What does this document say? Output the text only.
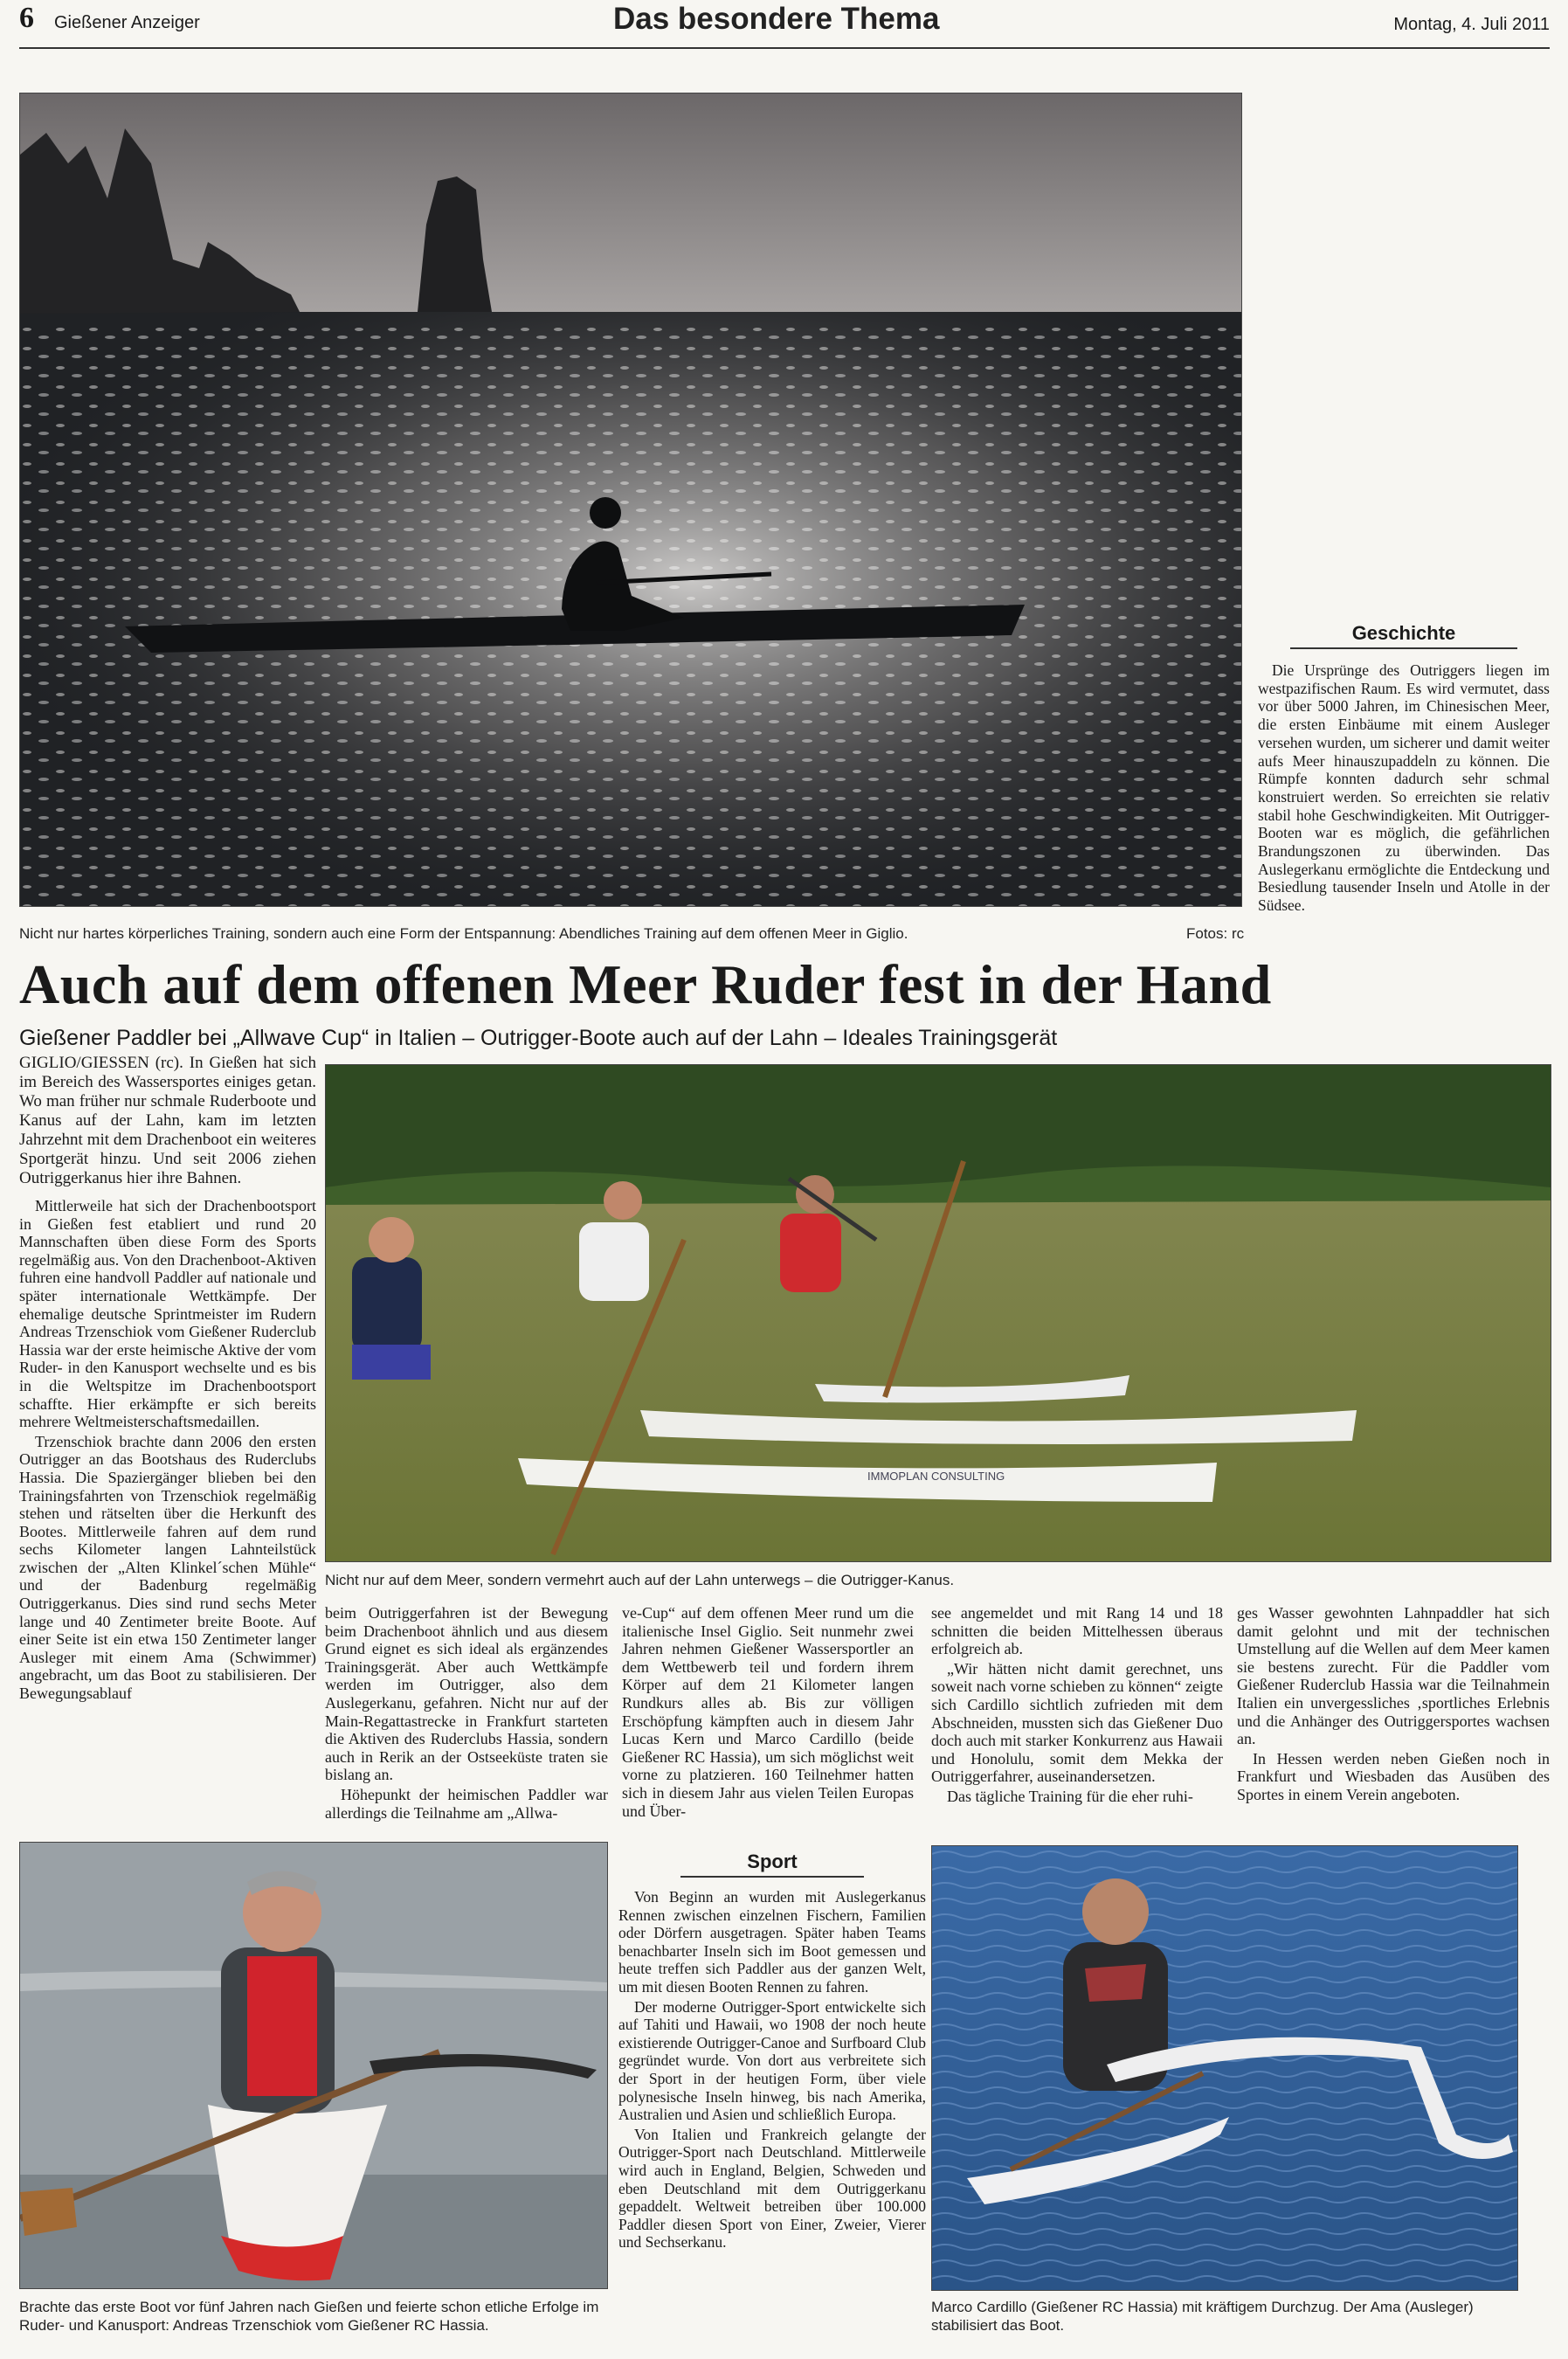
6 Gießener Anzeiger	Das besondere Thema	Montag, 4. Juli 2011
Nicht nur hartes körperliches Training, sondern auch eine Form der Entspannung: Abendliches Training auf dem offenen Meer in Giglio.	Fotos: rc
Geschichte
Die Ursprünge des Outriggers liegen im westpazifischen Raum. Es wird vermutet, dass vor über 5000 Jahren, im Chinesischen Meer, die ersten Einbäume mit einem Ausleger versehen wurden, um sicherer und damit weiter aufs Meer hinauszupaddeln zu können. Die Rümpfe konnten dadurch sehr schmal konstruiert werden. So erreichten sie relativ stabil hohe Geschwindigkeiten. Mit Outrigger-Booten war es möglich, die gefährlichen Brandungszonen zu überwinden. Das Auslegerkanu ermöglichte die Entdeckung und Besiedlung tausender Inseln und Atolle in der Südsee.
Auch auf dem offenen Meer Ruder fest in der Hand
Gießener Paddler bei „Allwave Cup“ in Italien – Outrigger-Boote auch auf der Lahn – Ideales Trainingsgerät

GIGLIO/GIESSEN (rc). In Gießen hat sich im Bereich des Wassersportes einiges getan. Wo man früher nur schmale Ruderboote und Kanus auf der Lahn, kam im letzten Jahrzehnt mit dem Drachenboot ein weiteres Sportgerät hinzu. Und seit 2006 ziehen Outriggerkanus hier ihre Bahnen.

Mittlerweile hat sich der Drachenbootsport in Gießen fest etabliert und rund 20 Mannschaften üben diese Form des Sports regelmäßig aus. Von den Drachenboot-Aktiven fuhren eine handvoll Paddler auf nationale und später internationale Wettkämpfe. Der ehemalige deutsche Sprintmeister im Rudern Andreas Trzenschiok vom Gießener Ruderclub Hassia war der erste heimische Aktive der vom Ruder- in den Kanusport wechselte und es bis in die Weltspitze im Drachenbootsport schaffte. Hier erkämpfte er sich bereits mehrere Weltmeisterschaftsmedaillen.

Trzenschiok brachte dann 2006 den ersten Outrigger an das Bootshaus des Ruderclubs Hassia. Die Spaziergänger blieben bei den Trainingsfahrten von Trzenschiok regelmäßig stehen und rätselten über die Herkunft des Bootes. Mittlerweile fahren auf dem rund sechs Kilometer langen Lahnteilstück zwischen der „Alten Klinkel´schen Mühle“ und der Badenburg regelmäßig Outriggerkanus. Dies sind rund sechs Meter lange und 40 Zentimeter breite Boote. Auf einer Seite ist ein etwa 150 Zentimeter langer Ausleger mit einem Ama (Schwimmer) angebracht, um das Boot zu stabilisieren. Der Bewegungsablauf

IMMOPLAN CONSULTING
Nicht nur auf dem Meer, sondern vermehrt auch auf der Lahn unterwegs – die Outrigger-Kanus.

beim Outriggerfahren ist der Bewegung beim Drachenboot ähnlich und aus diesem Grund eignet es sich ideal als ergänzendes Trainingsgerät. Aber auch Wettkämpfe werden im Outrigger, also dem Auslegerkanu, gefahren. Nicht nur auf der Main-Regattastrecke in Frankfurt starteten die Aktiven des Ruderclubs Hassia, sondern auch in Rerik an der Ostseeküste traten sie bislang an.

Höhepunkt der heimischen Paddler war allerdings die Teilnahme am „Allwa-

ve-Cup“ auf dem offenen Meer rund um die italienische Insel Giglio. Seit nunmehr zwei Jahren nehmen Gießener Wassersportler an dem Wettbewerb teil und fordern ihrem Körper auf dem 21 Kilometer langen Rundkurs alles ab. Bis zur völligen Erschöpfung kämpften auch in diesem Jahr Lucas Kern und Marco Cardillo (beide Gießener RC Hassia), um sich möglichst weit vorne zu platzieren. 160 Teilnehmer hatten sich in diesem Jahr aus vielen Teilen Europas und Über-

see angemeldet und mit Rang 14 und 18 schnitten die beiden Mittelhessen überaus erfolgreich ab.

„Wir hätten nicht damit gerechnet, uns soweit nach vorne schieben zu können“ zeigte sich Cardillo sichtlich zufrieden mit dem Abschneiden, mussten sich das Gießener Duo doch auch mit starker Konkurrenz aus Hawaii und Honolulu, somit dem Mekka der Outriggerfahrer, auseinandersetzen.

Das tägliche Training für die eher ruhi-

ges Wasser gewohnten Lahnpaddler hat sich damit gelohnt und mit der technischen Umstellung auf die Wellen auf dem Meer kamen sie bestens zurecht. Für die Paddler vom Gießener Ruderclub Hassia war die Teilnahmein Italien ein unvergessliches ‚sportliches Erlebnis und die Anhänger des Outriggersportes wachsen an.

In Hessen werden neben Gießen noch in Frankfurt und Wiesbaden das Ausüben des Sportes in einem Verein angeboten.

Brachte das erste Boot vor fünf Jahren nach Gießen und feierte schon etliche Erfolge im Ruder- und Kanusport: Andreas Trzenschiok vom Gießener RC Hassia.
Sport

Von Beginn an wurden mit Auslegerkanus Rennen zwischen einzelnen Fischern, Familien oder Dörfern ausgetragen. Später haben Teams benachbarter Inseln sich im Boot gemessen und heute treffen sich Paddler aus der ganzen Welt, um mit diesen Booten Rennen zu fahren.

Der moderne Outrigger-Sport entwickelte sich auf Tahiti und Hawaii, wo 1908 der noch heute existierende Outrigger-Canoe and Surfboard Club gegründet wurde. Von dort aus verbreitete sich der Sport in der heutigen Form, über viele polynesische Inseln hinweg, bis nach Amerika, Australien und Asien und schließlich Europa.

Von Italien und Frankreich gelangte der Outrigger-Sport nach Deutschland. Mittlerweile wird auch in England, Belgien, Schweden und eben Deutschland mit dem Outriggerkanu gepaddelt. Weltweit betreiben über 100.000 Paddler diesen Sport von Einer, Zweier, Vierer und Sechserkanu.

Marco Cardillo (Gießener RC Hassia) mit kräftigem Durchzug. Der Ama (Ausleger) stabilisiert das Boot.
